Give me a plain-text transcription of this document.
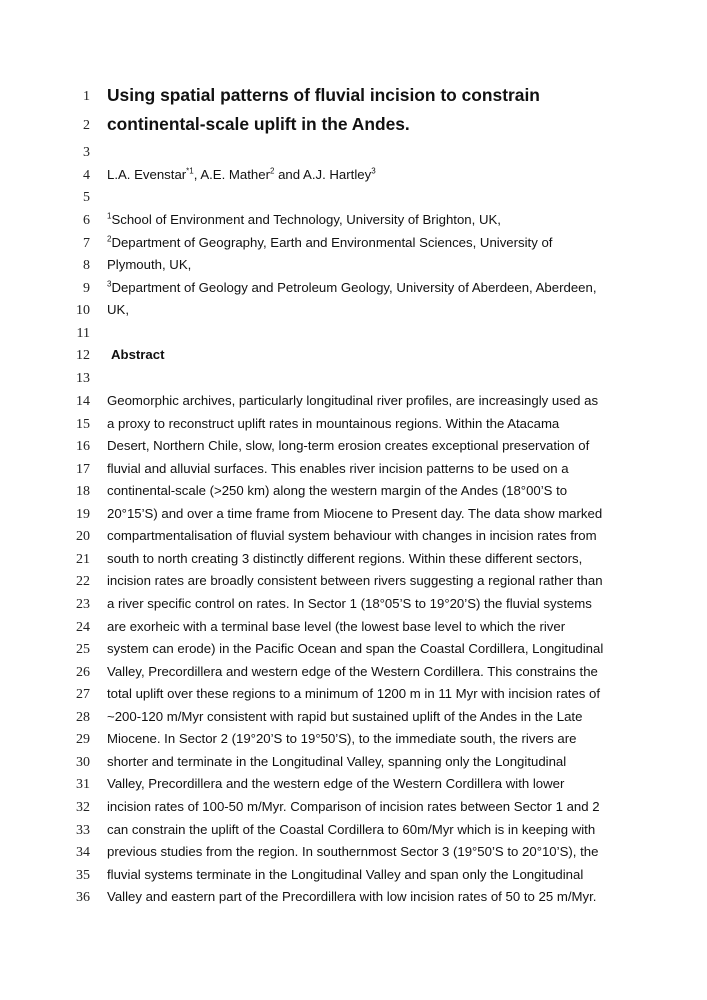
1 Using spatial patterns of fluvial incision to constrain
2 continental-scale uplift in the Andes.
3
4 L.A. Evenstar$^{*1}$, A.E. Mather$^2$ and A.J. Hartley$^3$
5
6 $^1$School of Environment and Technology, University of Brighton, UK,
7 $^2$Department of Geography, Earth and Environmental Sciences, University of
8 Plymouth, UK,
9 $^3$Department of Geology and Petroleum Geology, University of Aberdeen, Aberdeen,
10 UK,
11
12 Abstract
13
14 Geomorphic archives, particularly longitudinal river profiles, are increasingly used as
15 a proxy to reconstruct uplift rates in mountainous regions. Within the Atacama
16 Desert, Northern Chile, slow, long-term erosion creates exceptional preservation of
17 fluvial and alluvial surfaces. This enables river incision patterns to be used on a
18 continental-scale (>250 km) along the western margin of the Andes (18°00’S to
19 20°15’S) and over a time frame from Miocene to Present day. The data show marked
20 compartmentalisation of fluvial system behaviour with changes in incision rates from
21 south to north creating 3 distinctly different regions. Within these different sectors,
22 incision rates are broadly consistent between rivers suggesting a regional rather than
23 a river specific control on rates. In Sector 1 (18°05’S to 19°20’S) the fluvial systems
24 are exorheic with a terminal base level (the lowest base level to which the river
25 system can erode) in the Pacific Ocean and span the Coastal Cordillera, Longitudinal
26 Valley, Precordillera and western edge of the Western Cordillera. This constrains the
27 total uplift over these regions to a minimum of 1200 m in 11 Myr with incision rates of
28 ~200-120 m/Myr consistent with rapid but sustained uplift of the Andes in the Late
29 Miocene. In Sector 2 (19°20’S to 19°50’S), to the immediate south, the rivers are
30 shorter and terminate in the Longitudinal Valley, spanning only the Longitudinal
31 Valley, Precordillera and the western edge of the Western Cordillera with lower
32 incision rates of 100-50 m/Myr. Comparison of incision rates between Sector 1 and 2
33 can constrain the uplift of the Coastal Cordillera to 60m/Myr which is in keeping with
34 previous studies from the region. In southernmost Sector 3 (19°50’S to 20°10’S), the
35 fluvial systems terminate in the Longitudinal Valley and span only the Longitudinal
36 Valley and eastern part of the Precordillera with low incision rates of 50 to 25 m/Myr.
